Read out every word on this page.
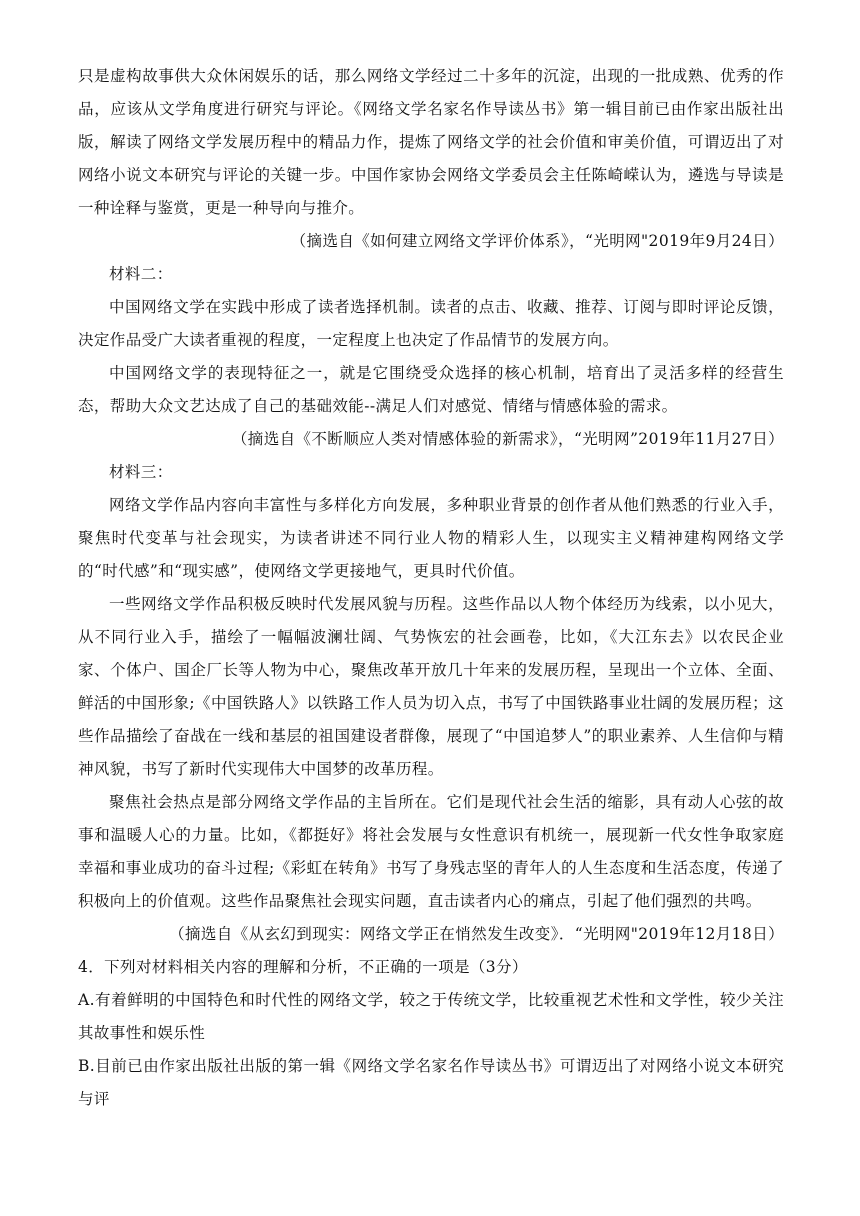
只是虚构故事供大众休闲娱乐的话，那么网络文学经过二十多年的沉淀，出现的一批成熟、优秀的作品，应该从文学角度进行研究与评论。《网络文学名家名作导读丛书》第一辑目前已由作家出版社出版，解读了网络文学发展历程中的精品力作，提炼了网络文学的社会价值和审美价值，可谓迈出了对网络小说文本研究与评论的关键一步。中国作家协会网络文学委员会主任陈崎嵘认为，遴选与导读是一种诠释与鉴赏，更是一种导向与推介。

（摘选自《如何建立网络文学评价体系》，“光明网"2019年9月24日）

材料二：

中国网络文学在实践中形成了读者选择机制。读者的点击、收藏、推荐、订阅与即时评论反馈，决定作品受广大读者重视的程度，一定程度上也决定了作品情节的发展方向。

中国网络文学的表现特征之一，就是它围绕受众选择的核心机制，培育出了灵活多样的经营生态，帮助大众文艺达成了自己的基础效能--满足人们对感觉、情绪与情感体验的需求。

（摘选自《不断顺应人类对情感体验的新需求》，“光明网”2019年11月27日）

材料三：

网络文学作品内容向丰富性与多样化方向发展，多种职业背景的创作者从他们熟悉的行业入手，聚焦时代变革与社会现实，为读者讲述不同行业人物的精彩人生，以现实主义精神建构网络文学的“时代感”和“现实感”，使网络文学更接地气，更具时代价值。

一些网络文学作品积极反映时代发展风貌与历程。这些作品以人物个体经历为线索，以小见大，从不同行业入手，描绘了一幅幅波澜壮阔、气势恢宏的社会画卷，比如，《大江东去》以农民企业家、个体户、国企厂长等人物为中心，聚焦改革开放几十年来的发展历程，呈现出一个立体、全面、鲜活的中国形象;《中国铁路人》以铁路工作人员为切入点，书写了中国铁路事业壮阔的发展历程；这些作品描绘了奋战在一线和基层的祖国建设者群像，展现了“中国追梦人”的职业素养、人生信仰与精神风貌，书写了新时代实现伟大中国梦的改革历程。

聚焦社会热点是部分网络文学作品的主旨所在。它们是现代社会生活的缩影，具有动人心弦的故事和温暖人心的力量。比如，《都挺好》将社会发展与女性意识有机统一，展现新一代女性争取家庭幸福和事业成功的奋斗过程;《彩虹在转角》书写了身残志坚的青年人的人生态度和生活态度，传递了积极向上的价值观。这些作品聚焦社会现实问题，直击读者内心的痛点，引起了他们强烈的共鸣。

（摘选自《从玄幻到现实：网络文学正在悄然发生改变》．“光明网"2019年12月18日）

4．下列对材料相关内容的理解和分析，不正确的一项是（3分）

A.有着鲜明的中国特色和时代性的网络文学，较之于传统文学，比较重视艺术性和文学性，较少关注其故事性和娱乐性

B.目前已由作家出版社出版的第一辑《网络文学名家名作导读丛书》可谓迈出了对网络小说文本研究与评
